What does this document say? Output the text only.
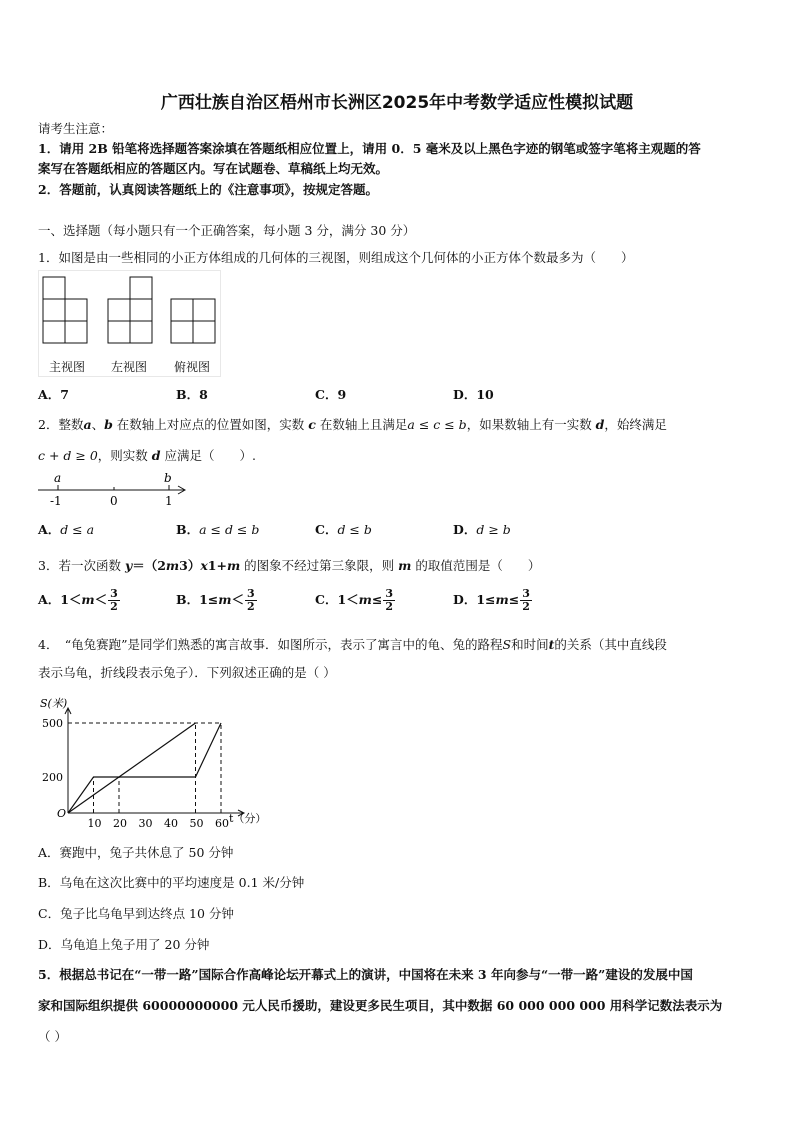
广西壮族自治区梧州市长洲区2025年中考数学适应性模拟试题
请考生注意：
1．请用 2B 铅笔将选择题答案涂填在答题纸相应位置上，请用 0．5 毫米及以上黑色字迹的钢笔或签字笔将主观题的答
案写在答题纸相应的答题区内。写在试题卷、草稿纸上均无效。
2．答题前，认真阅读答题纸上的《注意事项》，按规定答题。
一、选择题（每小题只有一个正确答案，每小题 3 分，满分 30 分）
1．如图是由一些相同的小正方体组成的几何体的三视图，则组成这个几何体的小正方体个数最多为（　　）
主视图 左视图 俯视图
A．7	B．8	C．9	D．10
2．整数a、b 在数轴上对应点的位置如图，实数 c 在数轴上且满足a ≤ c ≤ b，如果数轴上有一实数 d，始终满足
c + d ≥ 0，则实数 d 应满足（　　）.
a	b
-1	0	1
A．d ≤ a	B．a ≤ d ≤ b	C．d ≤ b	D．d ≥ b
3．若一次函数 y＝（2m3）x1+m 的图象不经过第三象限，则 m 的取值范围是（　　）
A．$1<m< \frac{3}{2}$	B．$1\le m< \frac{3}{2}$	C．$1<m\le \frac{3}{2}$	D．$1\le m\le \frac{3}{2}$
4．　“龟兔赛跑”是同学们熟悉的寓言故事．如图所示，表示了寓言中的龟、兔的路程S和时间t的关系（其中直线段
表示乌龟，折线段表示兔子）．下列叙述正确的是（ ）
S(米)
200
500
10 20 30 40 50 60
O	t（分）
A．赛跑中，兔子共休息了 50 分钟
B．乌龟在这次比赛中的平均速度是 0.1 米/分钟
C．兔子比乌龟早到达终点 10 分钟
D．乌龟追上兔子用了 20 分钟
5．根据总书记在“一带一路”国际合作高峰论坛开幕式上的演讲，中国将在未来 3 年向参与“一带一路”建设的发展中国
家和国际组织提供 60000000000 元人民币援助，建设更多民生项目，其中数据 60 000 000 000 用科学记数法表示为
（ ）
